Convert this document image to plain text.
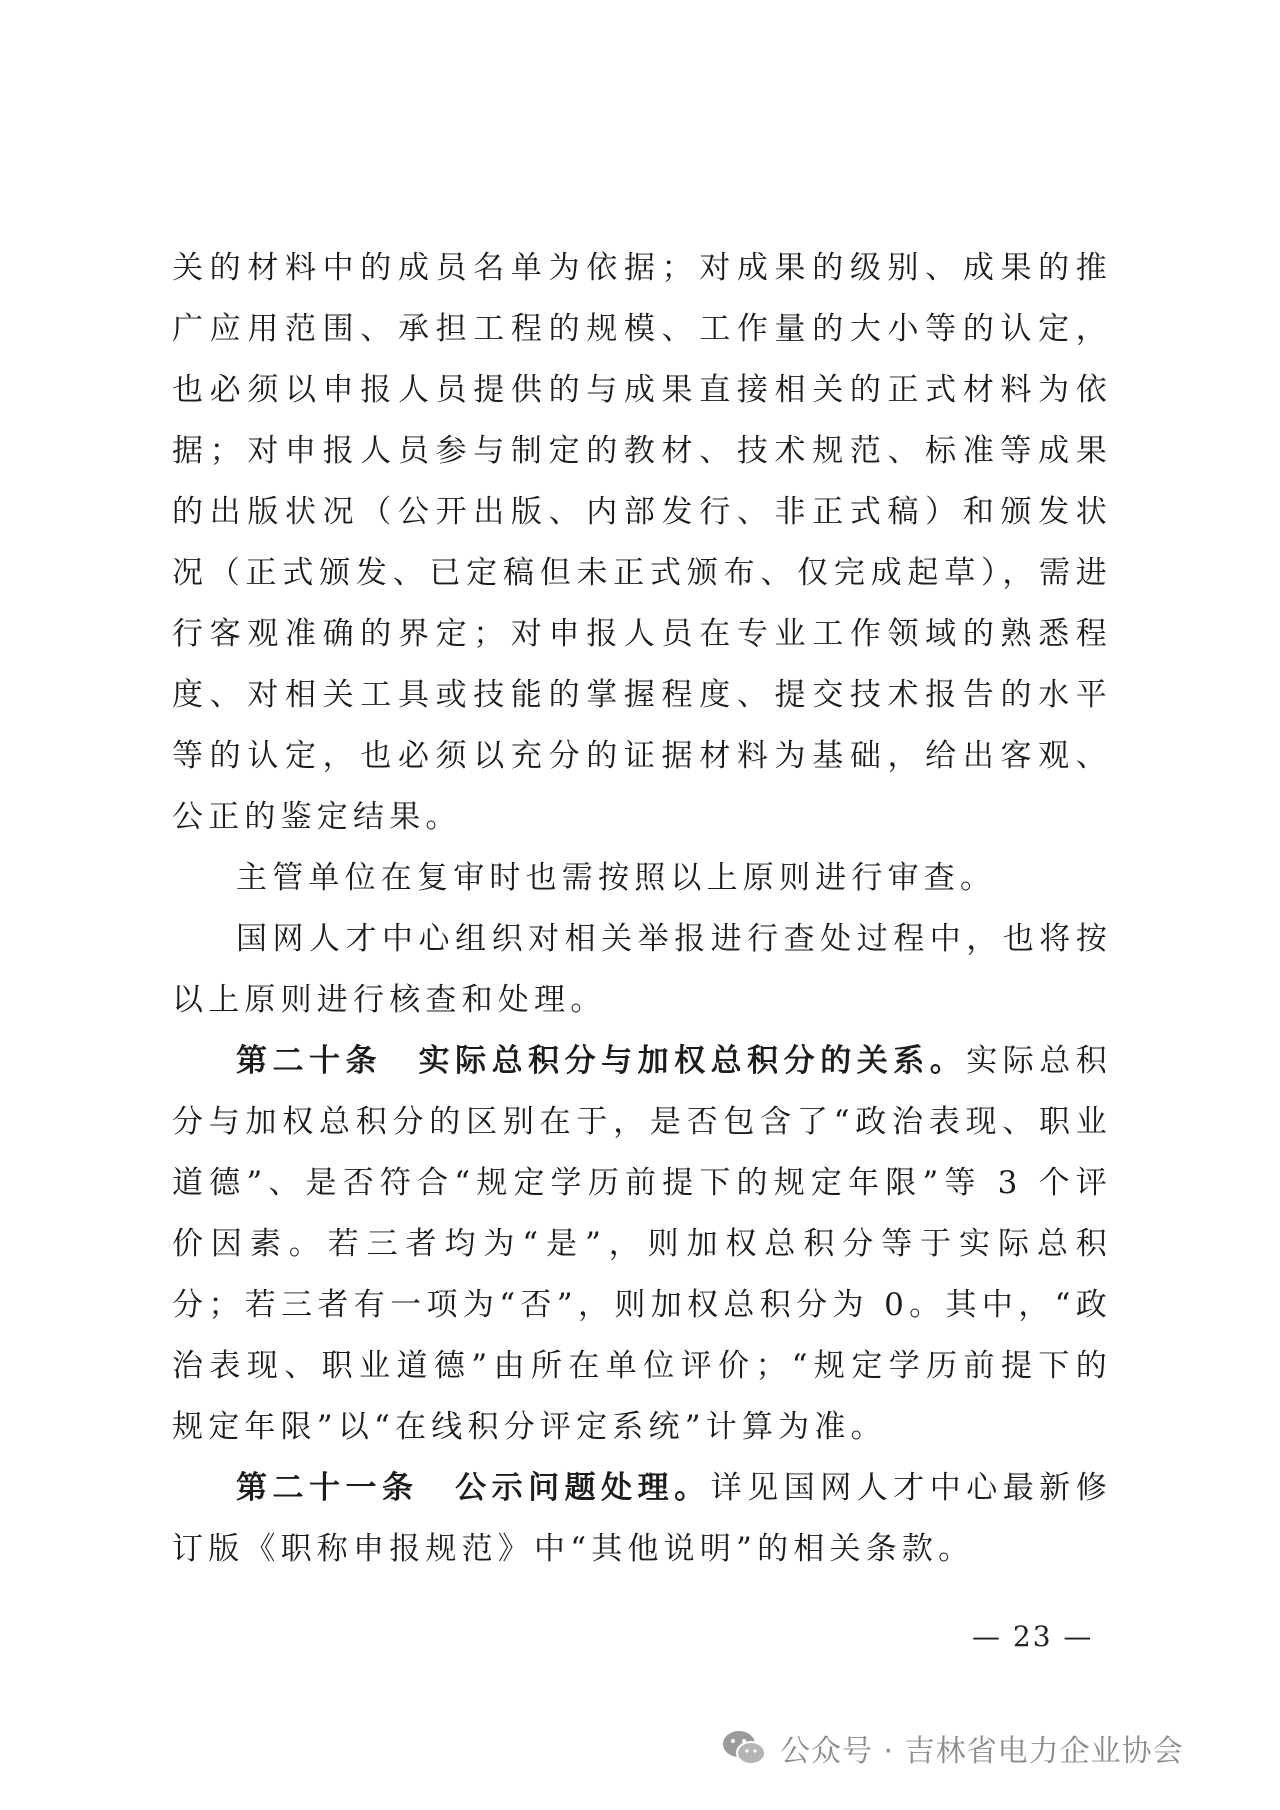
关的材料中的成员名单为依据；对成果的级别、成果的推广应用范围、承担工程的规模、工作量的大小等的认定，也必须以申报人员提供的与成果直接相关的正式材料为依据；对申报人员参与制定的教材、技术规范、标准等成果的出版状况（公开出版、内部发行、非正式稿）和颁发状况（正式颁发、已定稿但未正式颁布、仅完成起草），需进行客观准确的界定；对申报人员在专业工作领域的熟悉程度、对相关工具或技能的掌握程度、提交技术报告的水平等的认定，也必须以充分的证据材料为基础，给出客观、公正的鉴定结果。

主管单位在复审时也需按照以上原则进行审查。

国网人才中心组织对相关举报进行查处过程中，也将按以上原则进行核查和处理。

第二十条　实际总积分与加权总积分的关系。实际总积分与加权总积分的区别在于，是否包含了“政治表现、职业道德”、是否符合“规定学历前提下的规定年限”等 3 个评价因素。若三者均为“是”，则加权总积分等于实际总积分；若三者有一项为“否”，则加权总积分为 0。其中，“政治表现、职业道德”由所在单位评价；“规定学历前提下的规定年限”以“在线积分评定系统”计算为准。

第二十一条　公示问题处理。详见国网人才中心最新修订版《职称申报规范》中“其他说明”的相关条款。

— 23 —
公众号 · 吉林省电力企业协会
